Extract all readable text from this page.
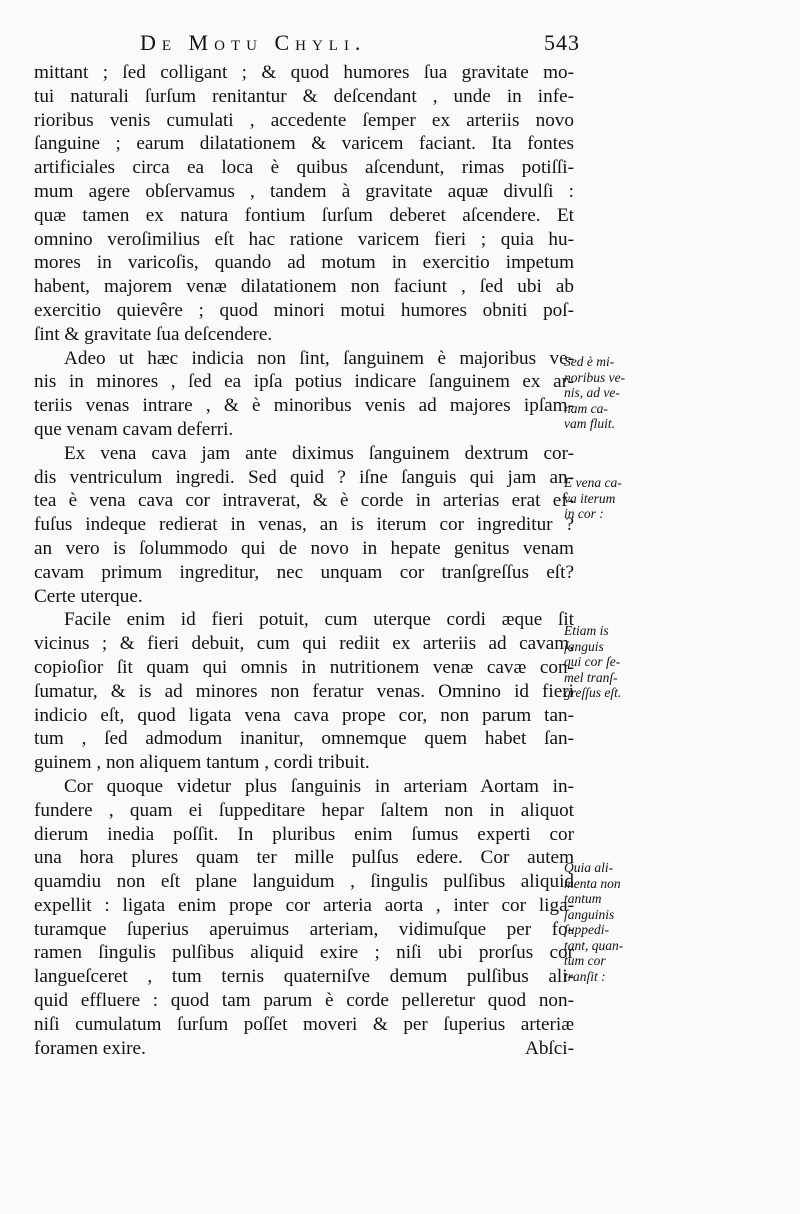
De Motu Chyli.	543
mittant ; ſed colligant ; & quod humores ſua gravitate mo-
tui naturali ſurſum renitantur & deſcendant , unde in infe-
rioribus venis cumulati , accedente ſemper ex arteriis novo
ſanguine ; earum dilatationem & varicem faciant. Ita fontes
artificiales circa ea loca è quibus aſcendunt, rimas potiſſi-
mum agere obſervamus , tandem à gravitate aquæ divulſi :
quæ tamen ex natura fontium ſurſum deberet aſcendere. Et
omnino veroſimilius eſt hac ratione varicem fieri ; quia hu-
mores in varicoſis, quando ad motum in exercitio impetum
habent, majorem venæ dilatationem non faciunt , ſed ubi ab
exercitio quievêre ; quod minori motui humores obniti poſ-
ſint & gravitate ſua deſcendere.
Adeo ut hæc indicia non ſint, ſanguinem è majoribus ve-
nis in minores , ſed ea ipſa potius indicare ſanguinem ex ar-
teriis venas intrare , & è minoribus venis ad majores ipſam-
que venam cavam deferri.
Ex vena cava jam ante diximus ſanguinem dextrum cor-
dis ventriculum ingredi. Sed quid ? iſne ſanguis qui jam an-
tea è vena cava cor intraverat, & è corde in arterias erat ef-
fuſus indeque redierat in venas, an is iterum cor ingreditur ?
an vero is ſolummodo qui de novo in hepate genitus venam
cavam primum ingreditur, nec unquam cor tranſgreſſus eſt?
Certe uterque.
Facile enim id fieri potuit, cum uterque cordi æque ſit
vicinus ; & fieri debuit, cum qui rediit ex arteriis ad cavam,
copioſior ſit quam qui omnis in nutritionem venæ cavæ con-
ſumatur, & is ad minores non feratur venas. Omnino id fieri
indicio eſt, quod ligata vena cava prope cor, non parum tan-
tum , ſed admodum inanitur, omnemque quem habet ſan-
guinem , non aliquem tantum , cordi tribuit.
Cor quoque videtur plus ſanguinis in arteriam Aortam in-
fundere , quam ei ſuppeditare hepar ſaltem non in aliquot
dierum inedia poſſit. In pluribus enim ſumus experti cor
una hora plures quam ter mille pulſus edere. Cor autem
quamdiu non eſt plane languidum , ſingulis pulſibus aliquid
expellit : ligata enim prope cor arteria aorta , inter cor liga-
turamque ſuperius aperuimus arteriam, vidimuſque per fo-
ramen ſingulis pulſibus aliquid exire ; niſi ubi prorſus cor
langueſceret , tum ternis quaterniſve demum pulſibus ali-
quid effluere : quod tam parum è corde pelleretur quod non-
niſi cumulatum ſurſum poſſet moveri & per ſuperius arteriæ
foramen exire.	Abſci-
Sed è mi-
noribus ve-
nis, ad ve-
nam ca-
vam fluit.
E vena ca-
va iterum
in cor :
Etiam is
ſanguis
qui cor ſe-
mel tranſ-
greſſus eſt.
Quia ali-
menta non
tantum
ſanguinis
ſuppedi-
tant, quan-
tum cor
tranſit :
